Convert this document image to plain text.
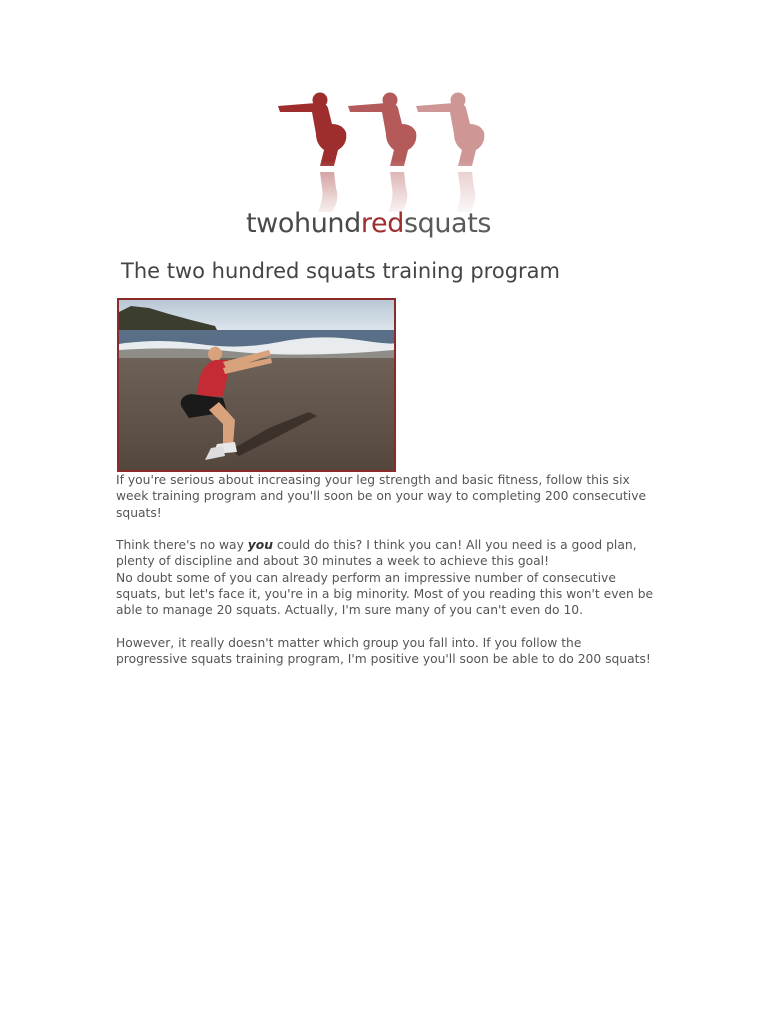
twohundredsquats
The two hundred squats training program

If you're serious about increasing your leg strength and basic fitness, follow this six week training program and you'll soon be on your way to completing 200 consecutive squats!

Think there's no way you could do this? I think you can! All you need is a good plan, plenty of discipline and about 30 minutes a week to achieve this goal!

No doubt some of you can already perform an impressive number of consecutive squats, but let's face it, you're in a big minority. Most of you reading this won't even be able to manage 20 squats. Actually, I'm sure many of you can't even do 10.

However, it really doesn't matter which group you fall into. If you follow the progressive squats training program, I'm positive you'll soon be able to do 200 squats!
